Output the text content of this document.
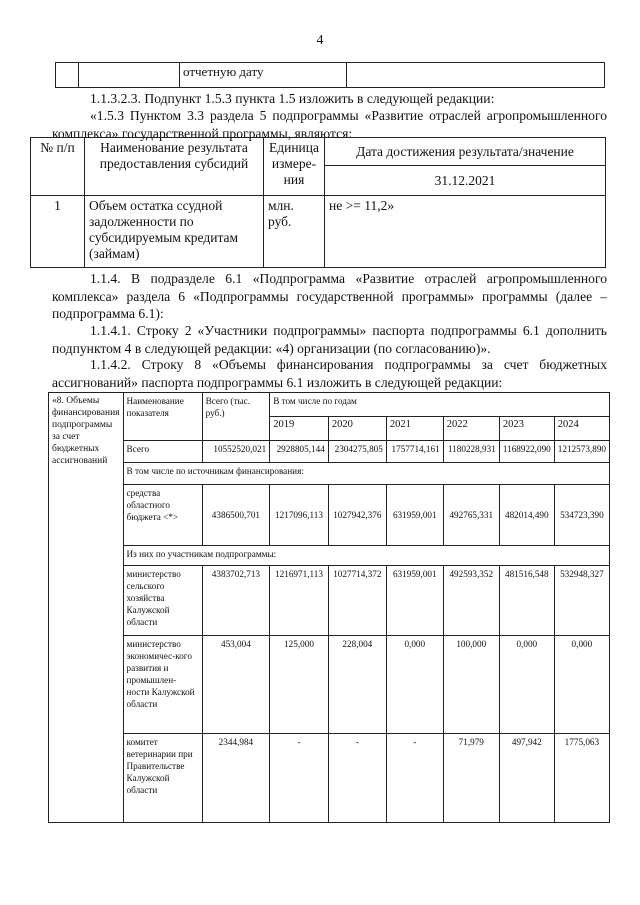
4
		отчетную дату	
1.1.3.2.3. Подпункт 1.5.3 пункта 1.5 изложить в следующей редакции:
«1.5.3 Пунктом 3.3 раздела 5 подпрограммы «Развитие отраслей агропромышленного комплекса» государственной программы, являются:
№ п/п	Наименование результата предоставления субсидий	Единица измере-ния	Дата достижения результата/значение
			31.12.2021
1	Объем остатка ссудной задолженности по субсидируемым кредитам (займам)	млн. руб.	не >= 11,2»
1.1.4. В подразделе 6.1 «Подпрограмма «Развитие отраслей агропромышленного комплекса» раздела 6 «Подпрограммы государственной программы» программы (далее – подпрограмма 6.1):
1.1.4.1. Строку 2 «Участники подпрограммы» паспорта подпрограммы 6.1 дополнить подпунктом 4 в следующей редакции: «4) организации (по согласованию)».
1.1.4.2. Строку 8 «Объемы финансирования подпрограммы за счет бюджетных ассигнований» паспорта подпрограммы 6.1 изложить в следующей редакции:
«8. Объемы финансирования подпрограммы за счет бюджетных ассигнований	Наименование показателя	Всего (тыс. руб.)	В том числе по годам					
			2019	2020	2021	2022	2023	2024
	Всего	10552520,021	2928805,144	2304275,805	1757714,161	1180228,931	1168922,090	1212573,890
	В том числе по источникам финансирования:							
	средства областного бюджета <*>	4386500,701	1217096,113	1027942,376	631959,001	492765,331	482014,490	534723,390
	Из них по участникам подпрограммы:							
	министерство сельского хозяйства Калужской области	4383702,713	1216971,113	1027714,372	631959,001	492593,352	481516,548	532948,327
	министерство экономичес-кого развития и промышлен-ности Калужской области	453,004	125,000	228,004	0,000	100,000	0,000	0,000
	комитет ветеринарии при Правительстве Калужской области	2344,984	-	-	-	71,979	497,942	1775,063
